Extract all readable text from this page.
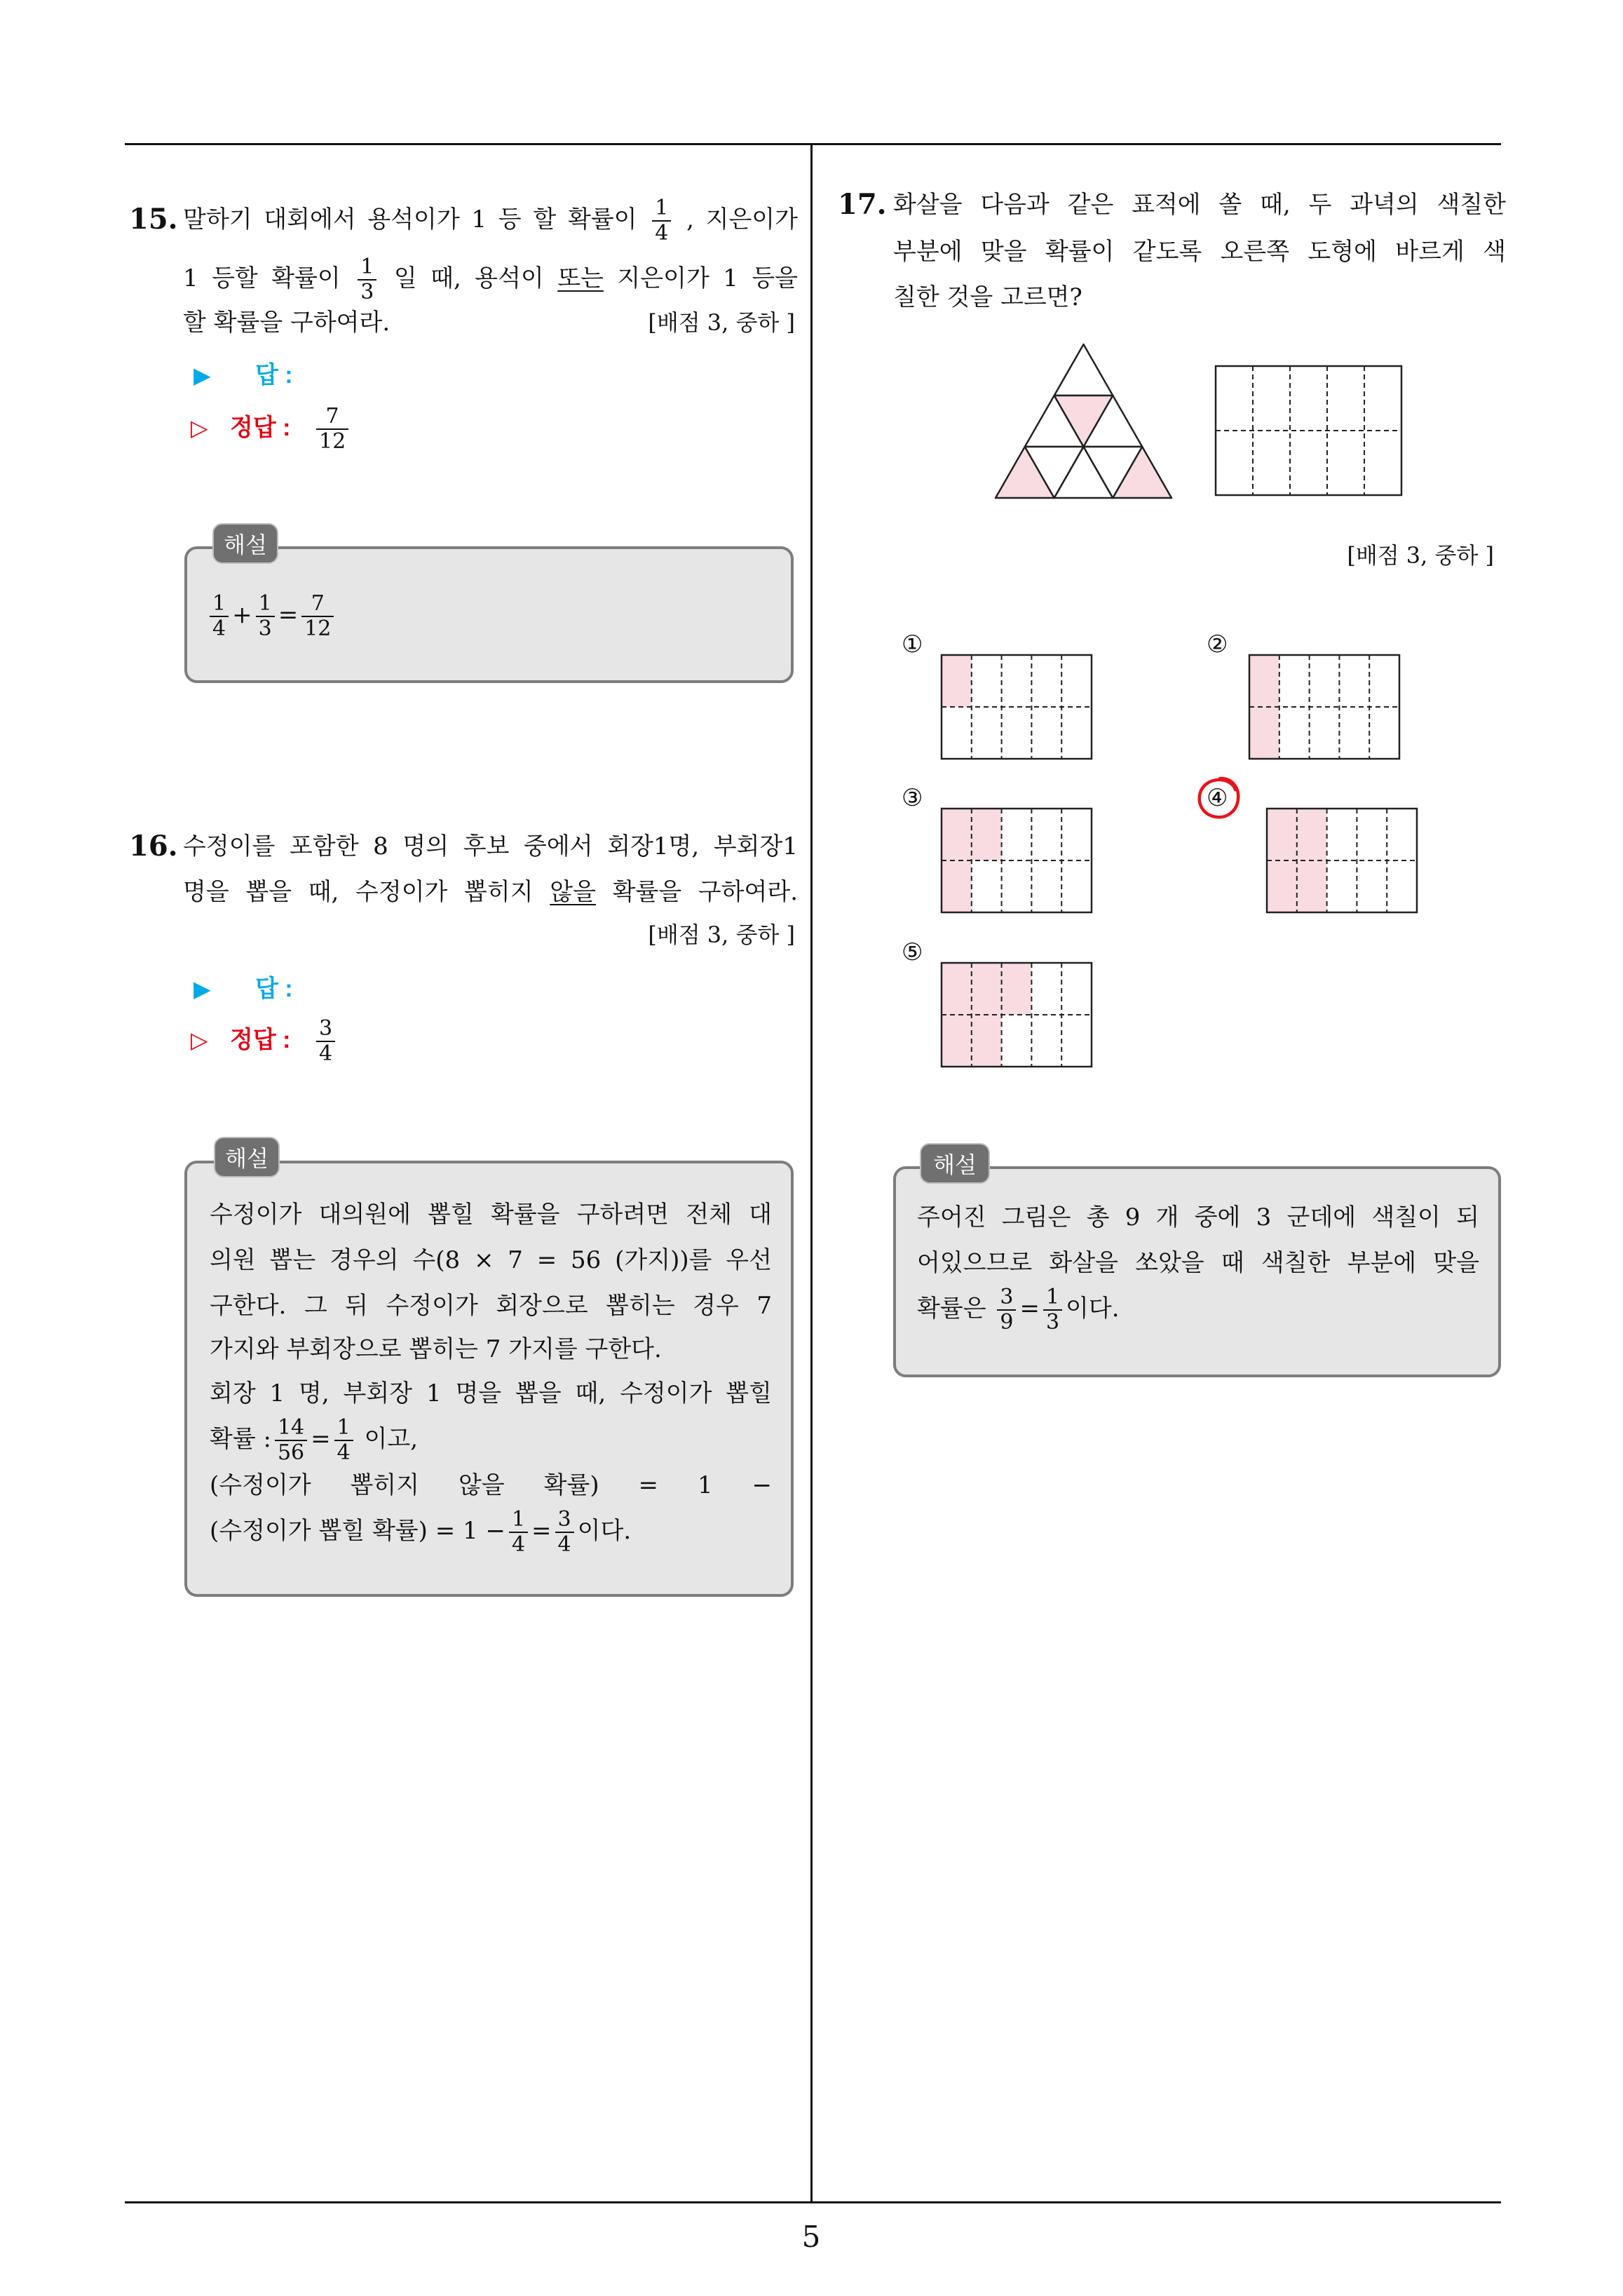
5
15. 말하기 대회에서 용석이가 1 등 할 확률이 $\frac{1}{4}$ , 지은이가
1 등할 확률이 $\frac{1}{3}$ 일 때, 용석이 또는 지은이가 1 등을
할 확률을 구하여라.	[배점 3, 중하 ]
▶ 답 :
▷ 정답 : $\frac{7}{12}$
해설
$\frac{1}{4} + \frac{1}{3} = \frac{7}{12}$
16. 수정이를 포함한 8 명의 후보 중에서 회장1명, 부회장1
명을 뽑을 때, 수정이가 뽑히지 않을 확률을 구하여라.
[배점 3, 중하 ]
▶ 답 :
▷ 정답 : $\frac{3}{4}$
해설
수정이가 대의원에 뽑힐 확률을 구하려면 전체 대
의원 뽑는 경우의 수(8 × 7 = 56 (가지))를 우선
구한다. 그 뒤 수정이가 회장으로 뽑히는 경우 7
가지와 부회장으로 뽑히는 7 가지를 구한다.
회장 1 명, 부회장 1 명을 뽑을 때, 수정이가 뽑힐
확률 : $\frac{14}{56} = \frac{1}{4}$ 이고,
(수정이가 뽑히지 않을 확률) = 1 −
(수정이가 뽑힐 확률) = $1 - \frac{1}{4} = \frac{3}{4}$ 이다.
17. 화살을 다음과 같은 표적에 쏠 때, 두 과녁의 색칠한
부분에 맞을 확률이 같도록 오른쪽 도형에 바르게 색
칠한 것을 고르면?
[배점 3, 중하 ]
①	②
③	④
⑤
해설
주어진 그림은 총 9 개 중에 3 군데에 색칠이 되
어있으므로 화살을 쏘았을 때 색칠한 부분에 맞을
확률은 $\frac{3}{9} = \frac{1}{3}$ 이다.
